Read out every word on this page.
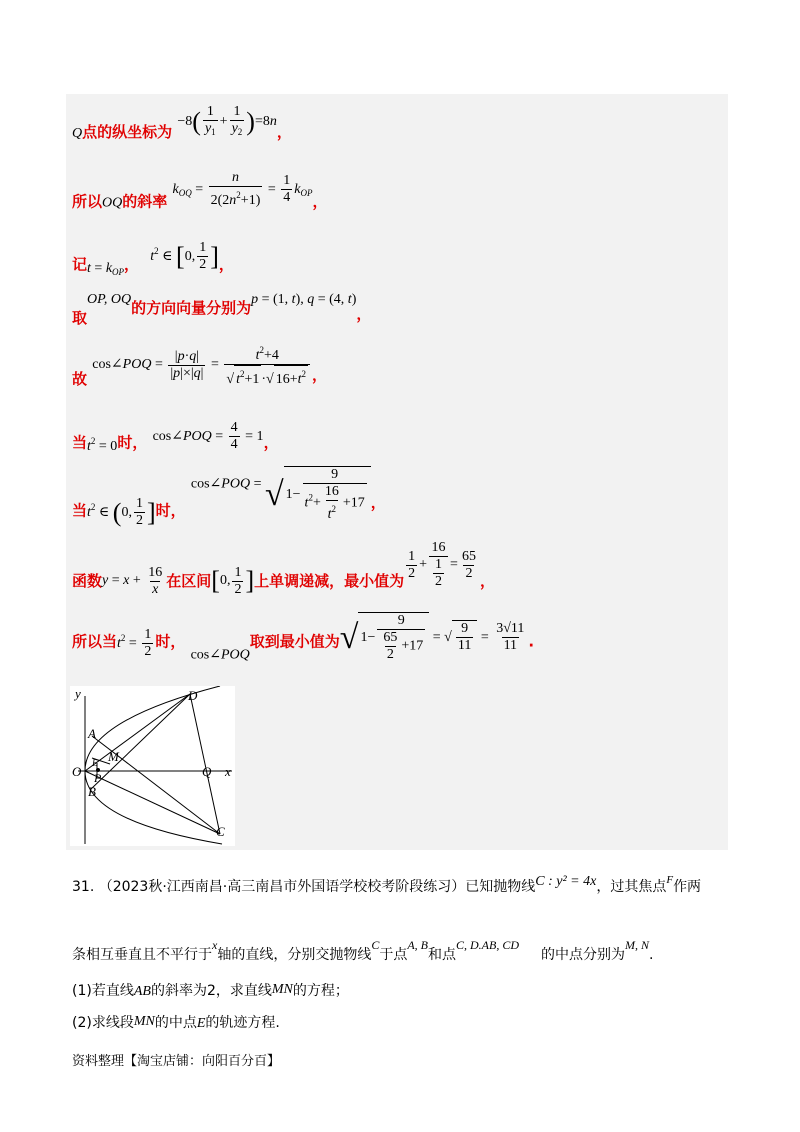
Q点的纵坐标为 $-8( \frac{1}{y_1} + \frac{1}{y_2} )=8n$，
所以OQ的斜率 $k_{OQ} = \frac{n}{2(2n^2+1)} = \frac{1}{4} k_{OP}$，
记$t = k_{OP}$， $t^2$ ∈ [0, $\frac{1}{2}$ ]，
取OP, OQ的方向向量分别为p = (1, t), q = (4, t)，
故 cos∠POQ = $\frac{|p\cdot q|}{|p|\times|q|} = \frac{t^2+4}{√ t^2+1 \cdot√ 16+t^2}$ ，
当$t^2 = 0$时， cos∠POQ = $\frac{4}{4} = 1$，
当$t^2$ ∈ (0, $\frac{1}{2}$ ]时， cos∠POQ = √ $1- \frac{9}{t^2+ \frac{16}{t^2} +17}$ ，
函数$y = x + \frac{16}{x}$ 在区间[0, $\frac{1}{2}$ ]上单调递减，最小值为 $\frac{1}{2} + \frac{16}{\frac{1}{2}} = \frac{65}{2}$ ，
所以当$t^2 = \frac{1}{2}$ 时， cos∠POQ取到最小值为√ $1- \frac{9}{\frac{65}{2} +17}$ = √ $\frac{9}{11} = \frac{3√11}{11}$ .
y
x
O
A
B
C
D
P	Q
M
E
31. （2023秋·江西南昌·高三南昌市外国语学校校考阶段练习）已知抛物线C : y² = 4x，过其焦点$^F$作两
条相互垂直且不平行于x轴的直线，分别交抛物线C于点A, B和点C, D.AB, CD的中点分别为M, N.
(1)若直线AB的斜率为2，求直线MN的方程；
(2)求线段MN的中点E的轨迹方程.
资料整理【淘宝店铺：向阳百分百】
